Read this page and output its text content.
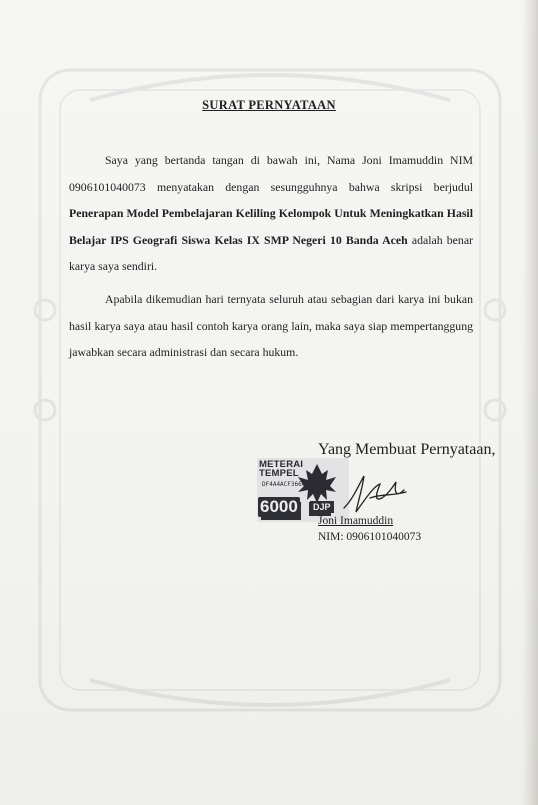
SURAT PERNYATAAN
Saya yang bertanda tangan di bawah ini, Nama Joni Imamuddin NIM 0906101040073 menyatakan dengan sesungguhnya bahwa skripsi berjudul Penerapan Model Pembelajaran Keliling Kelompok Untuk Meningkatkan Hasil Belajar IPS Geografi Siswa Kelas IX SMP Negeri 10 Banda Aceh adalah benar karya saya sendiri.
Apabila dikemudian hari ternyata seluruh atau sebagian dari karya ini bukan hasil karya saya atau hasil contoh karya orang lain, maka saya siap mempertanggung jawabkan secara administrasi dan secara hukum.
Yang Membuat Pernyataan,
METERAI
TEMPEL
DF4A4ACF366066916
6000	DJP
Joni Imamuddin
NIM: 0906101040073
